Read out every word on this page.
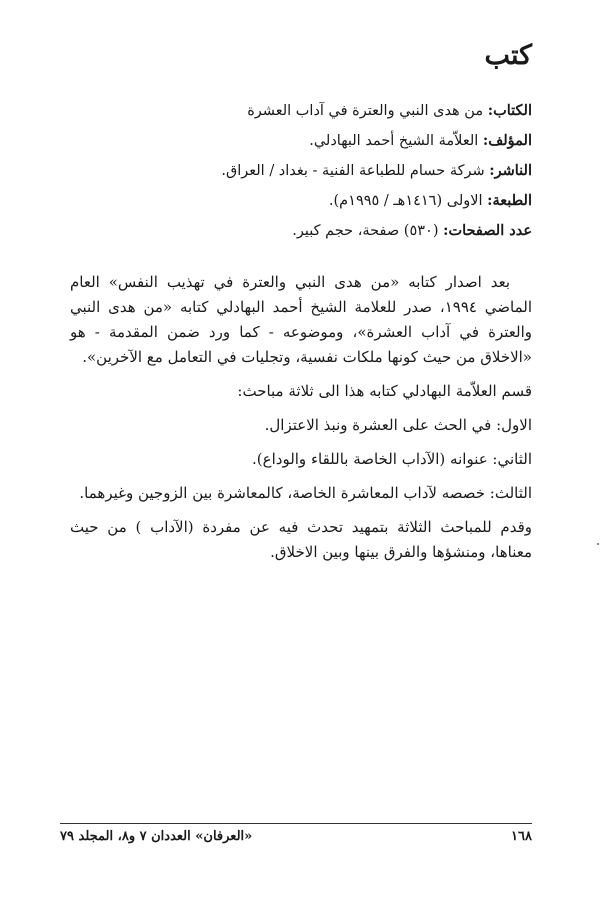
كتب
الكتاب: من هدى النبي والعترة في آداب العشرة
المؤلف: العلاّمة الشيخ أحمد البهادلي.
الناشر: شركة حسام للطباعة الفنية - بغداد / العراق.
الطبعة: الاولى (١٤١٦هـ / ١٩٩٥م).
عدد الصفحات: (٥٣٠) صفحة، حجم كبير.

بعد اصدار كتابه «من هدى النبي والعترة في تهذيب النفس» العام الماضي ١٩٩٤، صدر للعلامة الشيخ أحمد البهادلي كتابه «من هدى النبي والعترة في آداب العشرة»، وموضوعه - كما ورد ضمن المقدمة - هو «الاخلاق من حيث كونها ملكات نفسية، وتجليات في التعامل مع الآخرين».

قسم العلاّمة البهادلي كتابه هذا الى ثلاثة مباحث:

الاول: في الحث على العشرة ونبذ الاعتزال.

الثاني: عنوانه (الآداب الخاصة باللقاء والوداع).

الثالث: خصصه لآداب المعاشرة الخاصة، كالمعاشرة بين الزوجين وغيرهما.

وقدم للمباحث الثلاثة بتمهيد تحدث فيه عن مفردة (الآداب ) من حيث معناها، ومنشؤها والفرق بينها وبين الاخلاق.

١٦٨
«العرفان» العددان ٧ و٨، المجلد ٧٩
